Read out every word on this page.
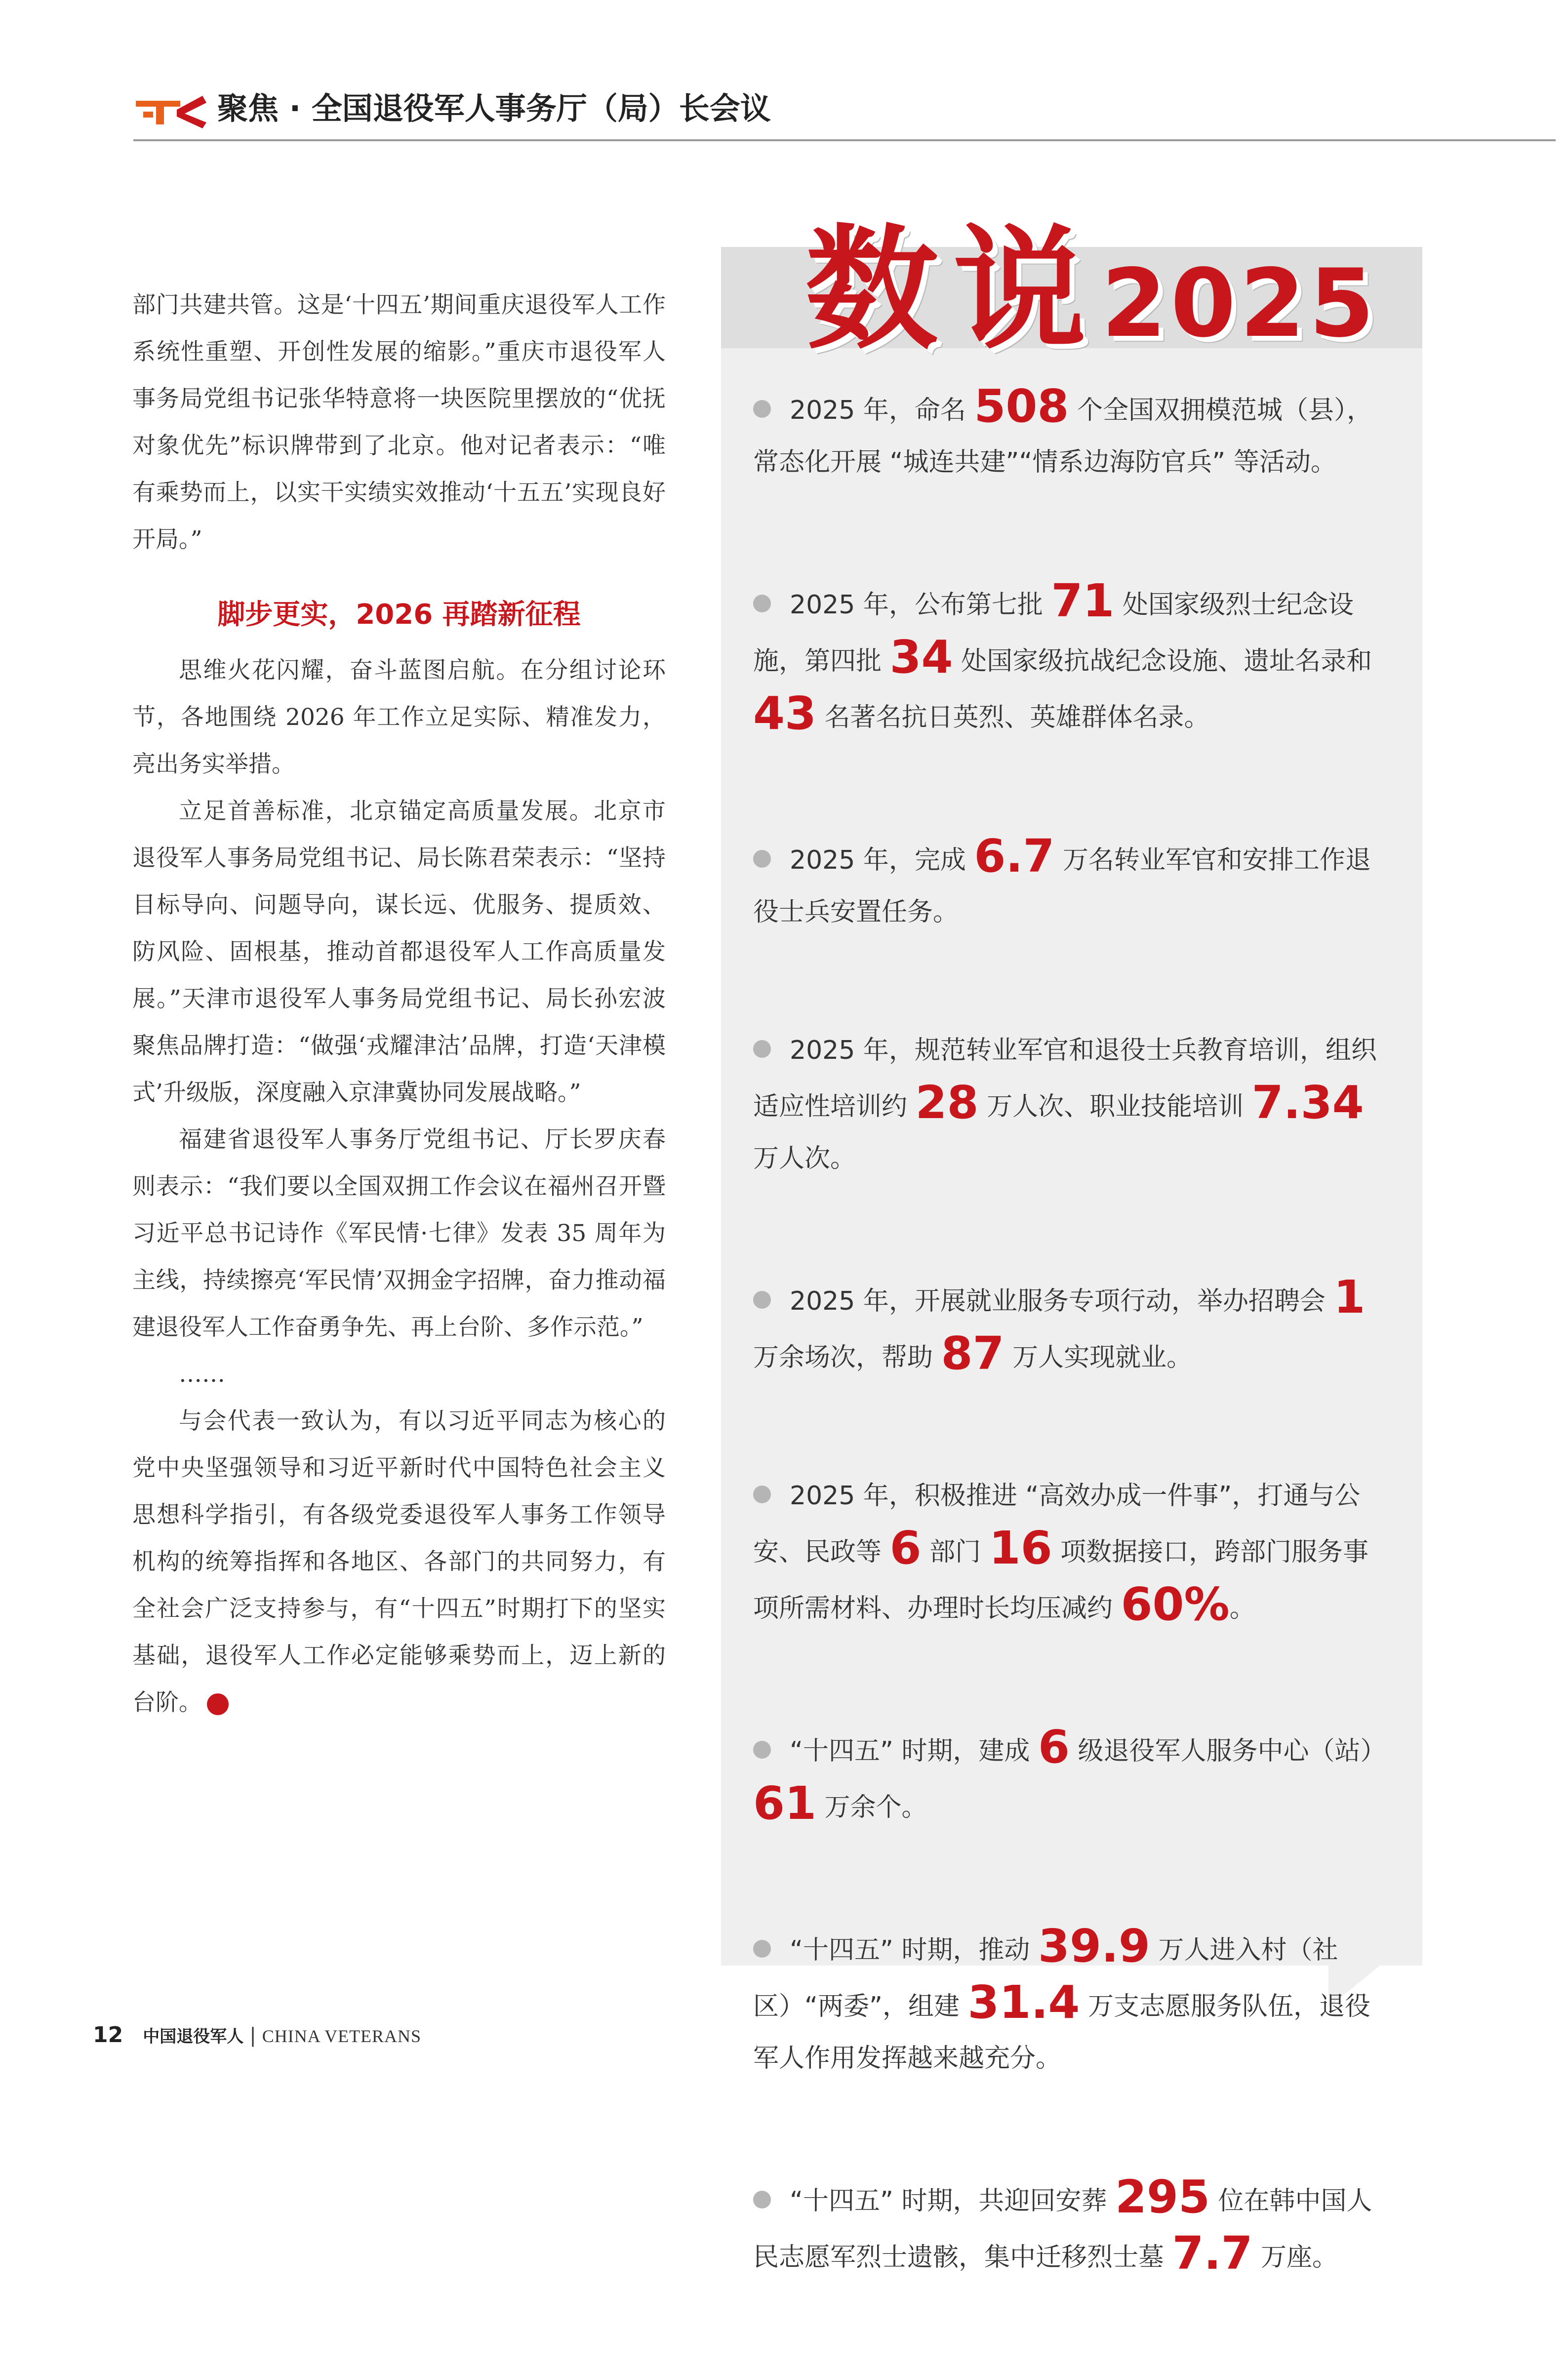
聚焦 · 全国退役军人事务厅（局）长会议

部门共建共管。这是‘十四五’期间重庆退役军人工作系统性重塑、开创性发展的缩影。”重庆市退役军人事务局党组书记张华特意将一块医院里摆放的“优抚对象优先”标识牌带到了北京。他对记者表示：“唯有乘势而上，以实干实绩实效推动‘十五五’实现良好开局。”

脚步更实，2026 再踏新征程

思维火花闪耀，奋斗蓝图启航。在分组讨论环节，各地围绕 2026 年工作立足实际、精准发力，亮出务实举措。

立足首善标准，北京锚定高质量发展。北京市退役军人事务局党组书记、局长陈君荣表示：“坚持目标导向、问题导向，谋长远、优服务、提质效、防风险、固根基，推动首都退役军人工作高质量发展。”天津市退役军人事务局党组书记、局长孙宏波聚焦品牌打造：“做强‘戎耀津沽’品牌，打造‘天津模式’升级版，深度融入京津冀协同发展战略。”

福建省退役军人事务厅党组书记、厅长罗庆春则表示：“我们要以全国双拥工作会议在福州召开暨习近平总书记诗作《军民情·七律》发表 35 周年为主线，持续擦亮‘军民情’双拥金字招牌，奋力推动福建退役军人工作奋勇争先、再上台阶、多作示范。”

……

与会代表一致认为，有以习近平同志为核心的党中央坚强领导和习近平新时代中国特色社会主义思想科学指引，有各级党委退役军人事务工作领导机构的统筹指挥和各地区、各部门的共同努力，有全社会广泛支持参与，有“十四五”时期打下的坚实基础，退役军人工作必定能够乘势而上，迈上新的台阶。	V

数说2025

2025 年，命名 508 个全国双拥模范城（县），常态化开展 “城连共建”“情系边海防官兵” 等活动。

2025 年，公布第七批 71 处国家级烈士纪念设施，第四批 34 处国家级抗战纪念设施、遗址名录和 43 名著名抗日英烈、英雄群体名录。

2025 年，完成 6.7 万名转业军官和安排工作退役士兵安置任务。

2025 年，规范转业军官和退役士兵教育培训，组织适应性培训约 28 万人次、职业技能培训 7.34 万人次。

2025 年，开展就业服务专项行动，举办招聘会 1 万余场次，帮助 87 万人实现就业。

2025 年，积极推进 “高效办成一件事”，打通与公安、民政等 6 部门 16 项数据接口，跨部门服务事项所需材料、办理时长均压减约 60%。

“十四五” 时期，建成 6 级退役军人服务中心（站）61 万余个。

“十四五” 时期，推动 39.9 万人进入村（社区）“两委”，组建 31.4 万支志愿服务队伍，退役军人作用发挥越来越充分。

“十四五” 时期，共迎回安葬 295 位在韩中国人民志愿军烈士遗骸，集中迁移烈士墓 7.7 万座。

12 中国退役军人 | CHINA VETERANS
